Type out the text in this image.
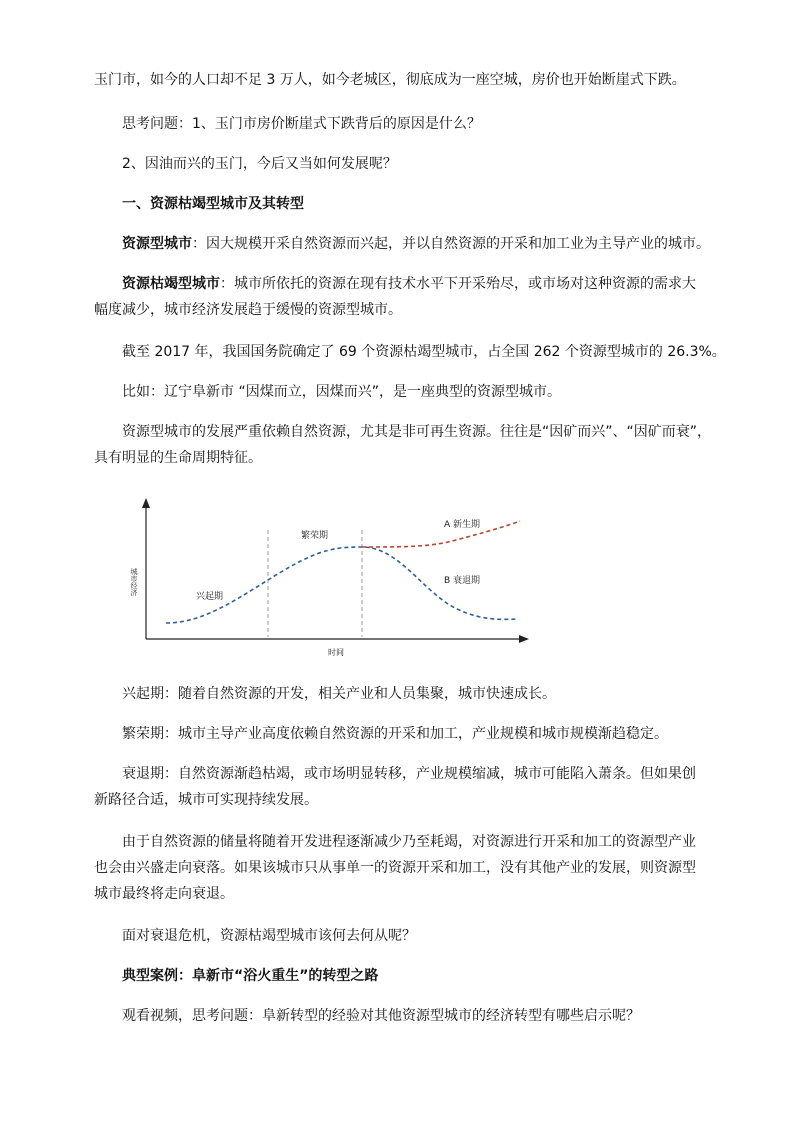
玉门市，如今的人口却不足 3 万人，如今老城区，彻底成为一座空城，房价也开始断崖式下跌。
思考问题：1、玉门市房价断崖式下跌背后的原因是什么？
2、因油而兴的玉门，今后又当如何发展呢？
一、资源枯竭型城市及其转型
资源型城市：因大规模开采自然资源而兴起，并以自然资源的开采和加工业为主导产业的城市。
资源枯竭型城市：城市所依托的资源在现有技术水平下开采殆尽，或市场对这种资源的需求大
幅度减少，城市经济发展趋于缓慢的资源型城市。
截至 2017 年，我国国务院确定了 69 个资源枯竭型城市，占全国 262 个资源型城市的 26.3%。
比如：辽宁阜新市 “因煤而立，因煤而兴”，是一座典型的资源型城市。
资源型城市的发展严重依赖自然资源，尤其是非可再生资源。往往是“因矿而兴”、“因矿而衰”，
具有明显的生命周期特征。
城市经济
时间
兴起期
繁荣期
A 新生期
B 衰退期
兴起期：随着自然资源的开发，相关产业和人员集聚，城市快速成长。
繁荣期：城市主导产业高度依赖自然资源的开采和加工，产业规模和城市规模渐趋稳定。
衰退期：自然资源渐趋枯竭，或市场明显转移，产业规模缩减，城市可能陷入萧条。但如果创
新路径合适，城市可实现持续发展。
由于自然资源的储量将随着开发进程逐渐减少乃至耗竭，对资源进行开采和加工的资源型产业
也会由兴盛走向衰落。如果该城市只从事单一的资源开采和加工，没有其他产业的发展，则资源型
城市最终将走向衰退。
面对衰退危机，资源枯竭型城市该何去何从呢？
典型案例：阜新市“浴火重生”的转型之路
观看视频，思考问题：阜新转型的经验对其他资源型城市的经济转型有哪些启示呢？
